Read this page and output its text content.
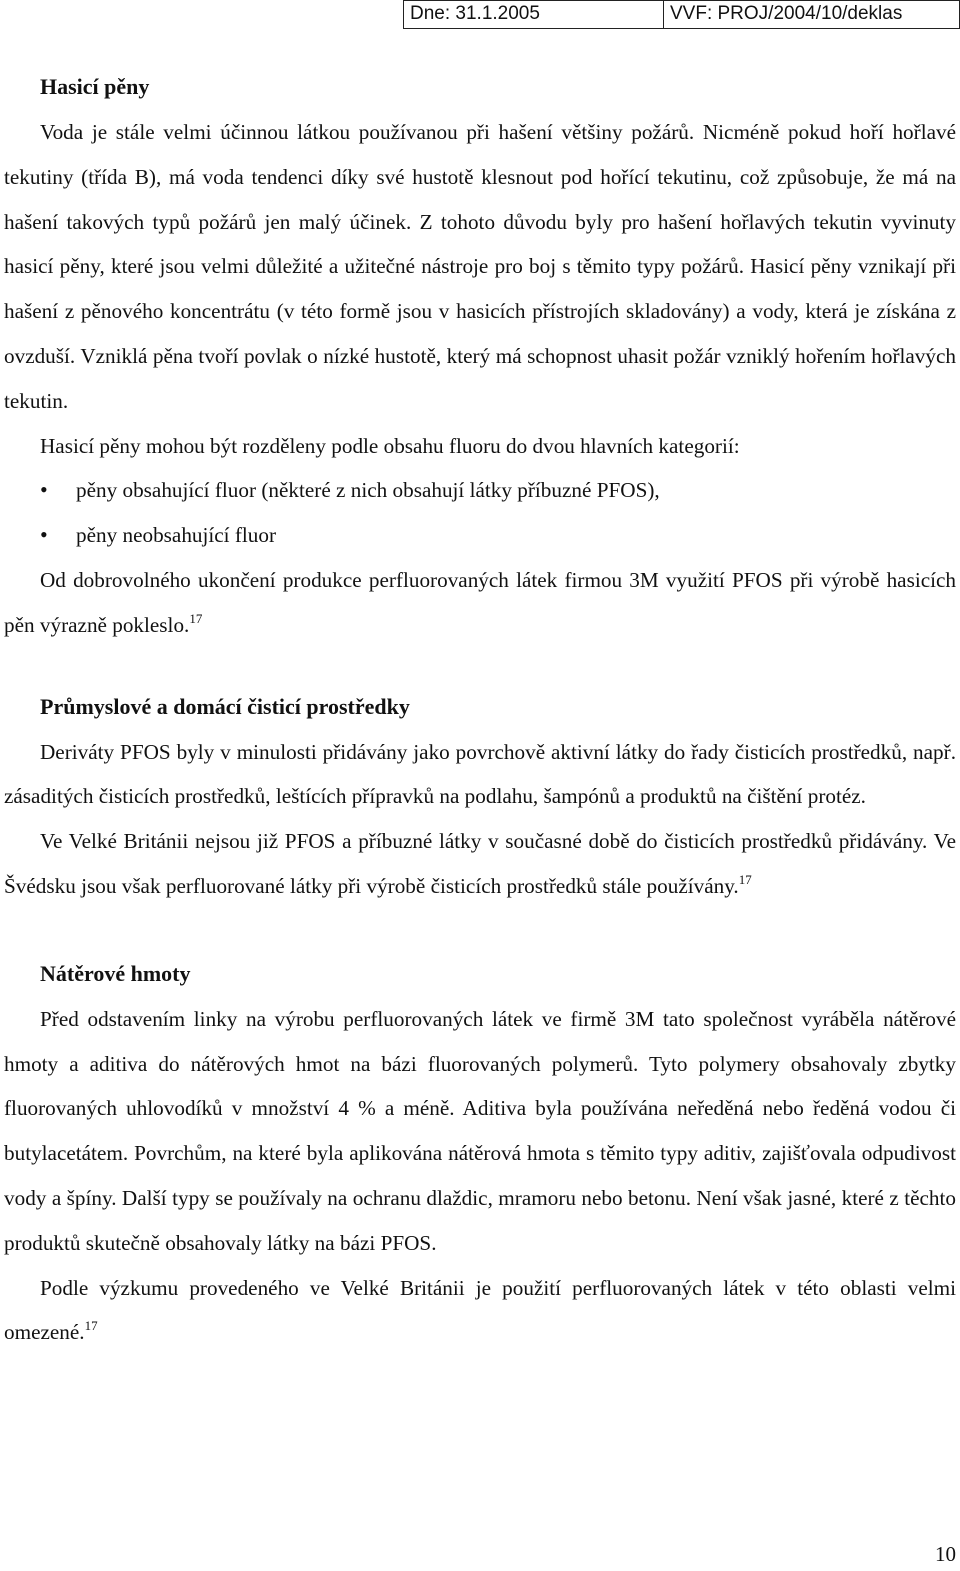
Dne: 31.1.2005	VVF: PROJ/2004/10/deklas
Hasicí pěny

Voda je stále velmi účinnou látkou používanou při hašení většiny požárů. Nicméně pokud hoří hořlavé tekutiny (třída B), má voda tendenci díky své hustotě klesnout pod hořící tekutinu, což způsobuje, že má na hašení takových typů požárů jen malý účinek. Z tohoto důvodu byly pro hašení hořlavých tekutin vyvinuty hasicí pěny, které jsou velmi důležité a užitečné nástroje pro boj s těmito typy požárů. Hasicí pěny vznikají při hašení z pěnového koncentrátu (v této formě jsou v hasicích přístrojích skladovány) a vody, která je získána z ovzduší. Vzniklá pěna tvoří povlak o nízké hustotě, který má schopnost uhasit požár vzniklý hořením hořlavých tekutin.

Hasicí pěny mohou být rozděleny podle obsahu fluoru do dvou hlavních kategorií:

• pěny obsahující fluor (některé z nich obsahují látky příbuzné PFOS),
• pěny neobsahující fluor

Od dobrovolného ukončení produkce perfluorovaných látek firmou 3M využití PFOS při výrobě hasicích pěn výrazně pokleslo.$^{17}$

Průmyslové a domácí čisticí prostředky

Deriváty PFOS byly v minulosti přidávány jako povrchově aktivní látky do řady čisticích prostředků, např. zásaditých čisticích prostředků, leštících přípravků na podlahu, šampónů a produktů na čištění protéz.

Ve Velké Británii nejsou již PFOS a příbuzné látky v současné době do čisticích prostředků přidávány. Ve Švédsku jsou však perfluorované látky při výrobě čisticích prostředků stále používány.$^{17}$

Nátěrové hmoty

Před odstavením linky na výrobu perfluorovaných látek ve firmě 3M tato společnost vyráběla nátěrové hmoty a aditiva do nátěrových hmot na bázi fluorovaných polymerů. Tyto polymery obsahovaly zbytky fluorovaných uhlovodíků v množství 4 % a méně. Aditiva byla používána neředěná nebo ředěná vodou či butylacetátem. Povrchům, na které byla aplikována nátěrová hmota s těmito typy aditiv, zajišťovala odpudivost vody a špíny. Další typy se používaly na ochranu dlaždic, mramoru nebo betonu. Není však jasné, které z těchto produktů skutečně obsahovaly látky na bázi PFOS.

Podle výzkumu provedeného ve Velké Británii je použití perfluorovaných látek v této oblasti velmi omezené.$^{17}$

10
